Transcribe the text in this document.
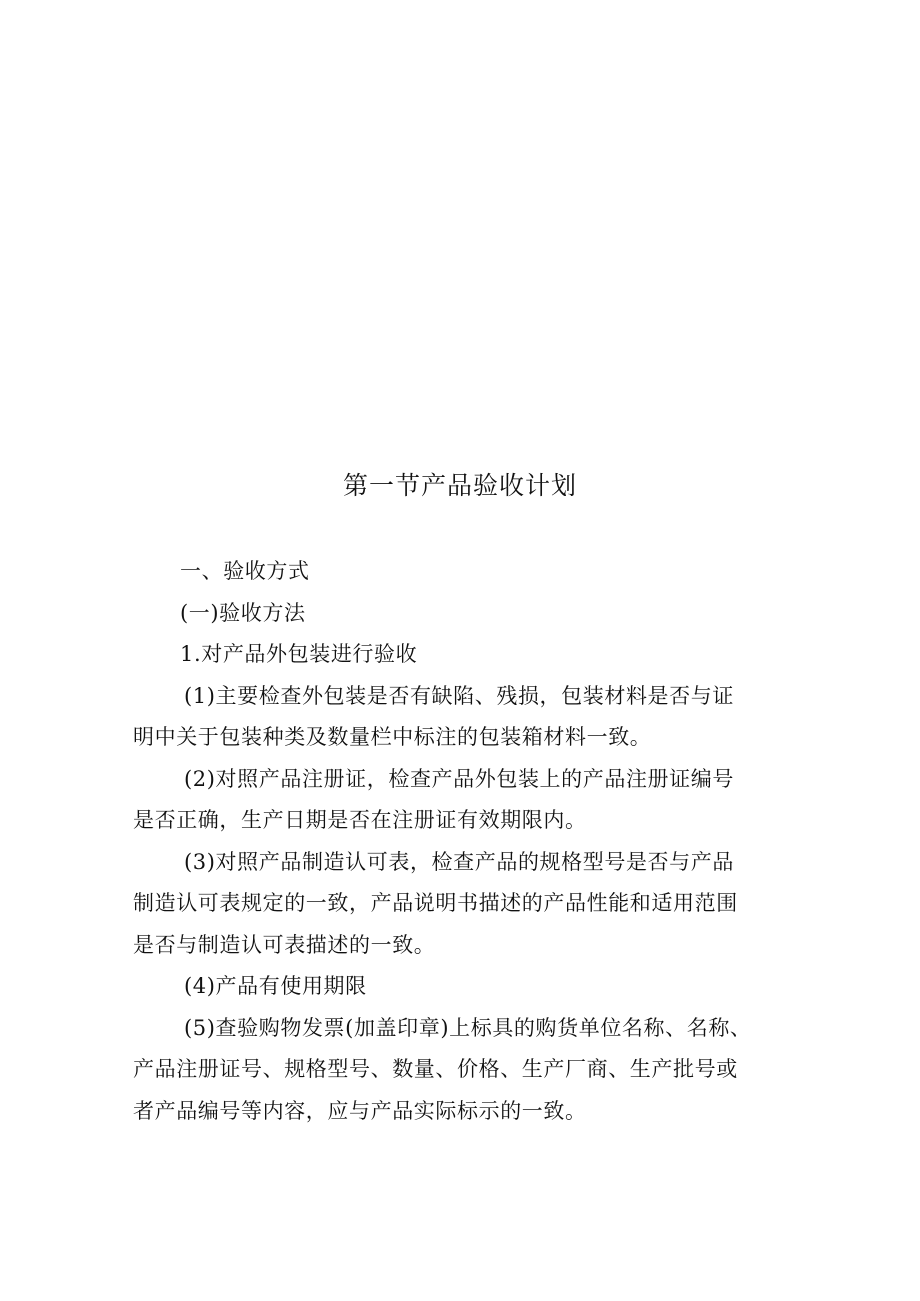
第一节产品验收计划
一、验收方式
(一)验收方法
1.对产品外包装进行验收
(1)主要检查外包装是否有缺陷、残损，包装材料是否与证
明中关于包装种类及数量栏中标注的包装箱材料一致。
(2)对照产品注册证，检查产品外包装上的产品注册证编号
是否正确，生产日期是否在注册证有效期限内。
(3)对照产品制造认可表，检查产品的规格型号是否与产品
制造认可表规定的一致，产品说明书描述的产品性能和适用范围
是否与制造认可表描述的一致。
(4)产品有使用期限
(5)查验购物发票(加盖印章)上标具的购货单位名称、名称、
产品注册证号、规格型号、数量、价格、生产厂商、生产批号或
者产品编号等内容，应与产品实际标示的一致。
